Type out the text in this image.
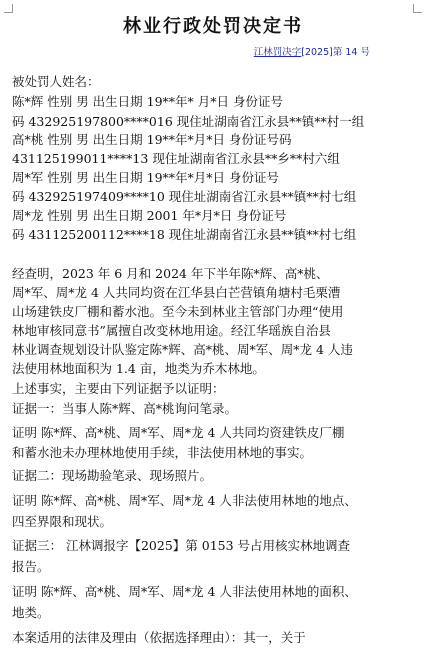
林业行政处罚决定书
江林罚决字[2025]第 14 号
被处罚人姓名：
陈*辉 性别 男 出生日期 19**年* 月*日 身份证号
码 432925197800****016 现住址湖南省江永县**镇**村一组
高*桃 性别 男 出生日期 19**年*月*日 身份证号码
431125199011****13 现住址湖南省江永县**乡**村六组
周*军 性别 男 出生日期 19**年*月*日 身份证号
码 432925197409****10 现住址湖南省江永县**镇**村七组
周*龙 性别 男 出生日期 2001 年*月*日 身份证号
码 431125200112****18 现住址湖南省江永县**镇**村七组
经查明，2023 年 6 月和 2024 年下半年陈*辉、高*桃、
周*军、周*龙 4 人共同均资在江华县白芒营镇角塘村毛栗漕
山场建铁皮厂棚和蓄水池。至今未到林业主管部门办理“使用
林地审核同意书”属擅自改变林地用途。经江华瑶族自治县
林业调查规划设计队鉴定陈*辉、高*桃、周*军、周*龙 4 人违
法使用林地面积为 1.4 亩，地类为乔木林地。
上述事实，主要由下列证据予以证明：
证据一：当事人陈*辉、高*桃询问笔录。
证明 陈*辉、高*桃、周*军、周*龙 4 人共同均资建铁皮厂棚
和蓄水池未办理林地使用手续，非法使用林地的事实。
证据二：现场勘验笔录、现场照片。
证明 陈*辉、高*桃、周*军、周*龙 4 人非法使用林地的地点、
四至界限和现状。
证据三： 江林调报字【2025】第 0153 号占用核实林地调查
报告。
证明 陈*辉、高*桃、周*军、周*龙 4 人非法使用林地的面积、
地类。
本案适用的法律及理由（依据选择理由）：其一，关于
